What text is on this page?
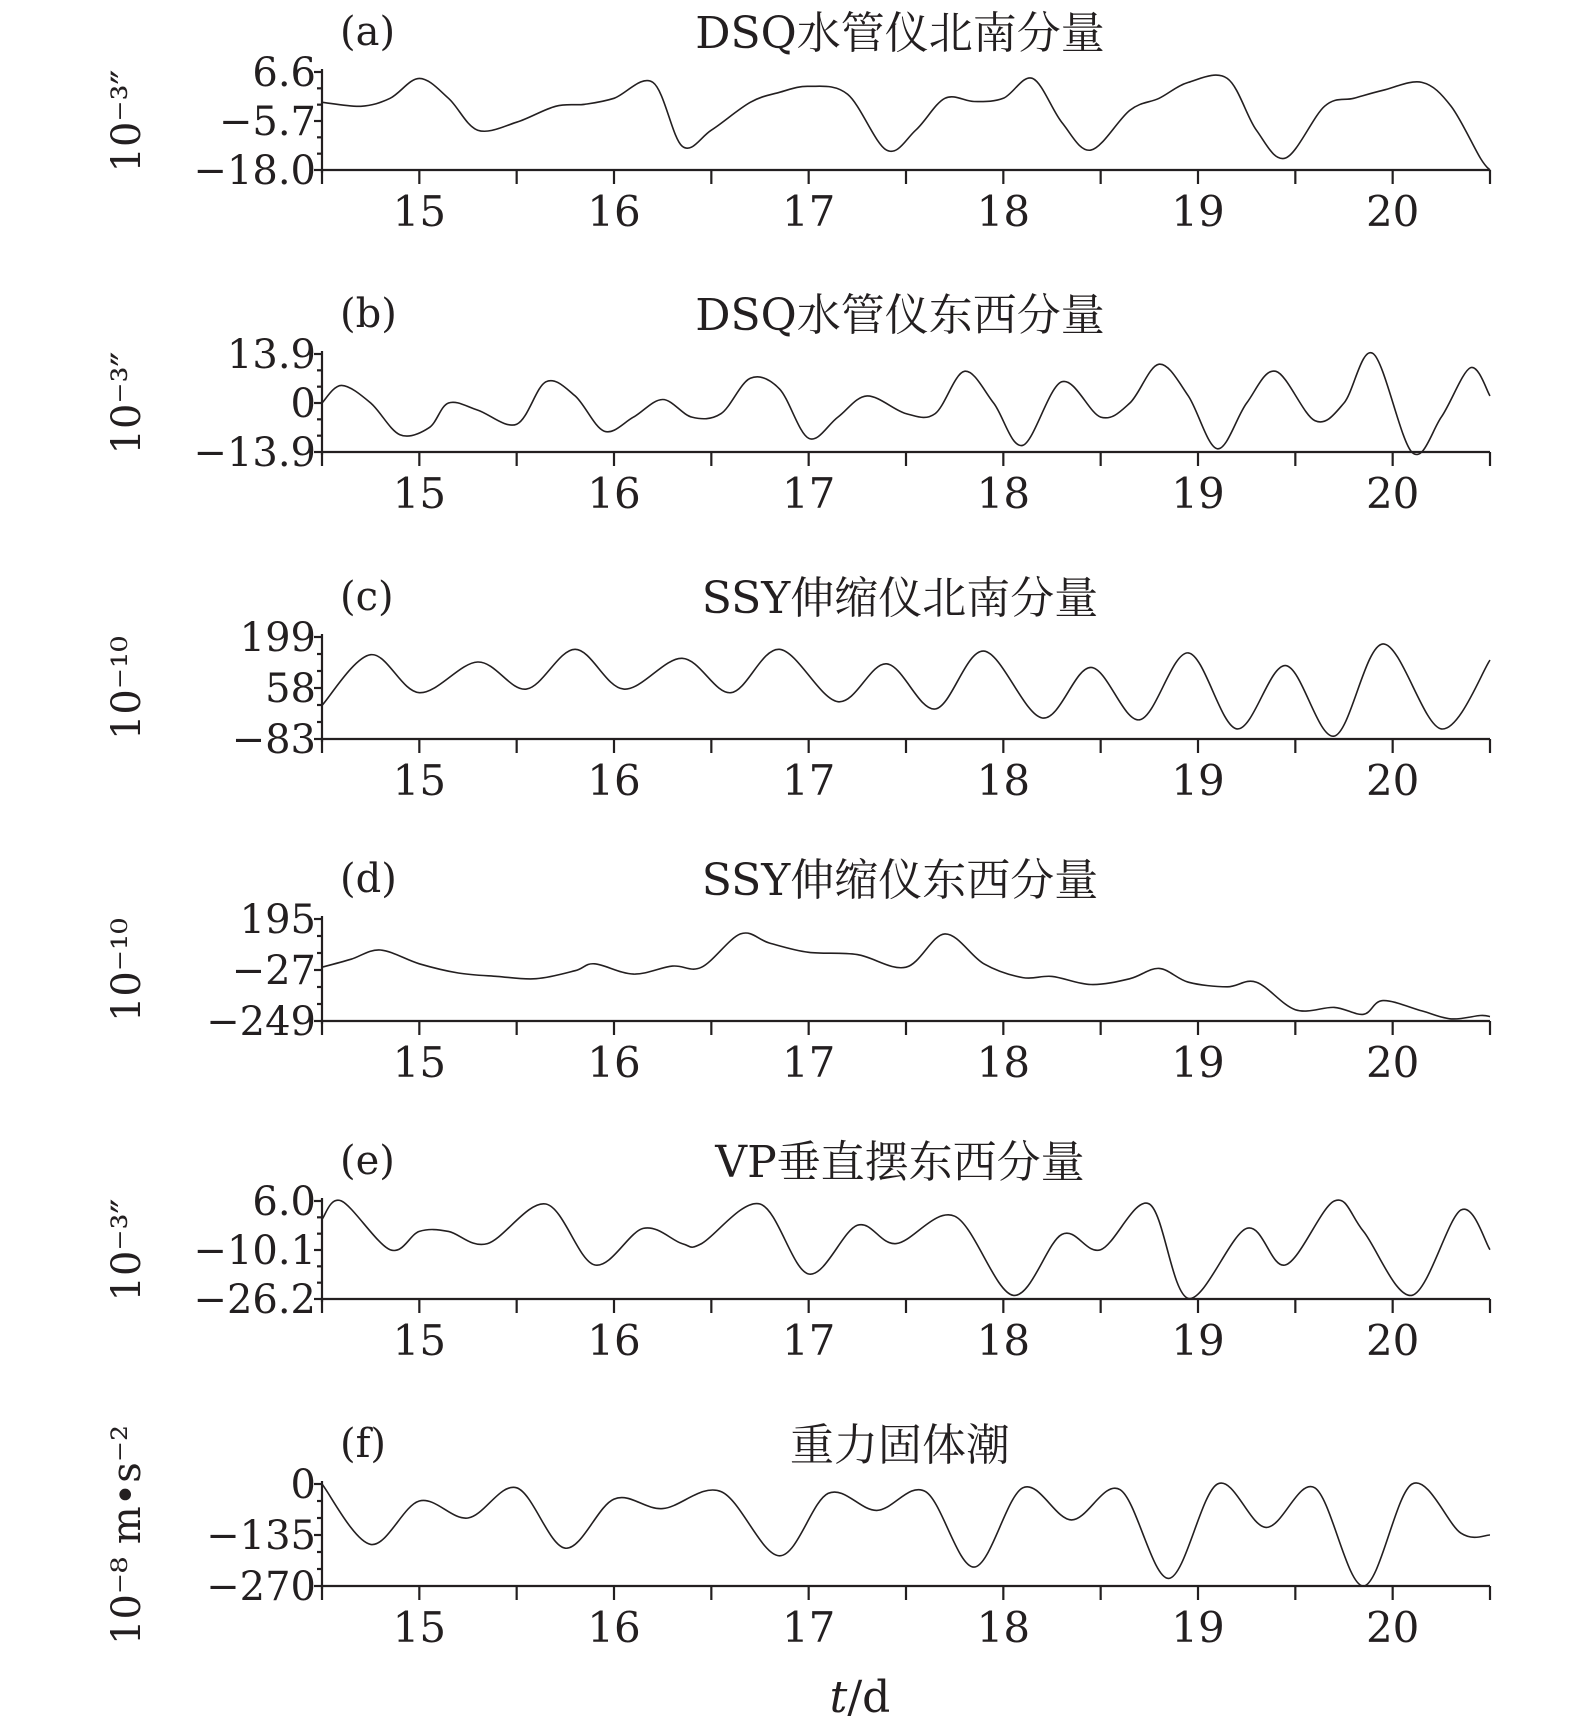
(a)	DSQ水管仪北南分量
10⁻³″	6.6
−5.7
−18.0
15	16	17	18	19	20
(b)	DSQ水管仪东西分量
10⁻³″ 13.9
0
−13.9
15	16	17	18	19	20
(c)	SSY伸缩仪北南分量
10⁻¹⁰ 199
58
−83
15	16	17	18	19	20
(d)	SSY伸缩仪东西分量
10⁻¹⁰ 195
−27
−249
15	16	17	18	19	20
(e)	VP垂直摆东西分量
10⁻³″	6.0
−10.1
−26.2
15	16	17	18	19	20
(f)	重力固体潮
10⁻⁸ m•s⁻²	0
−135
−270
15	16	17	18	19	20
t/d
